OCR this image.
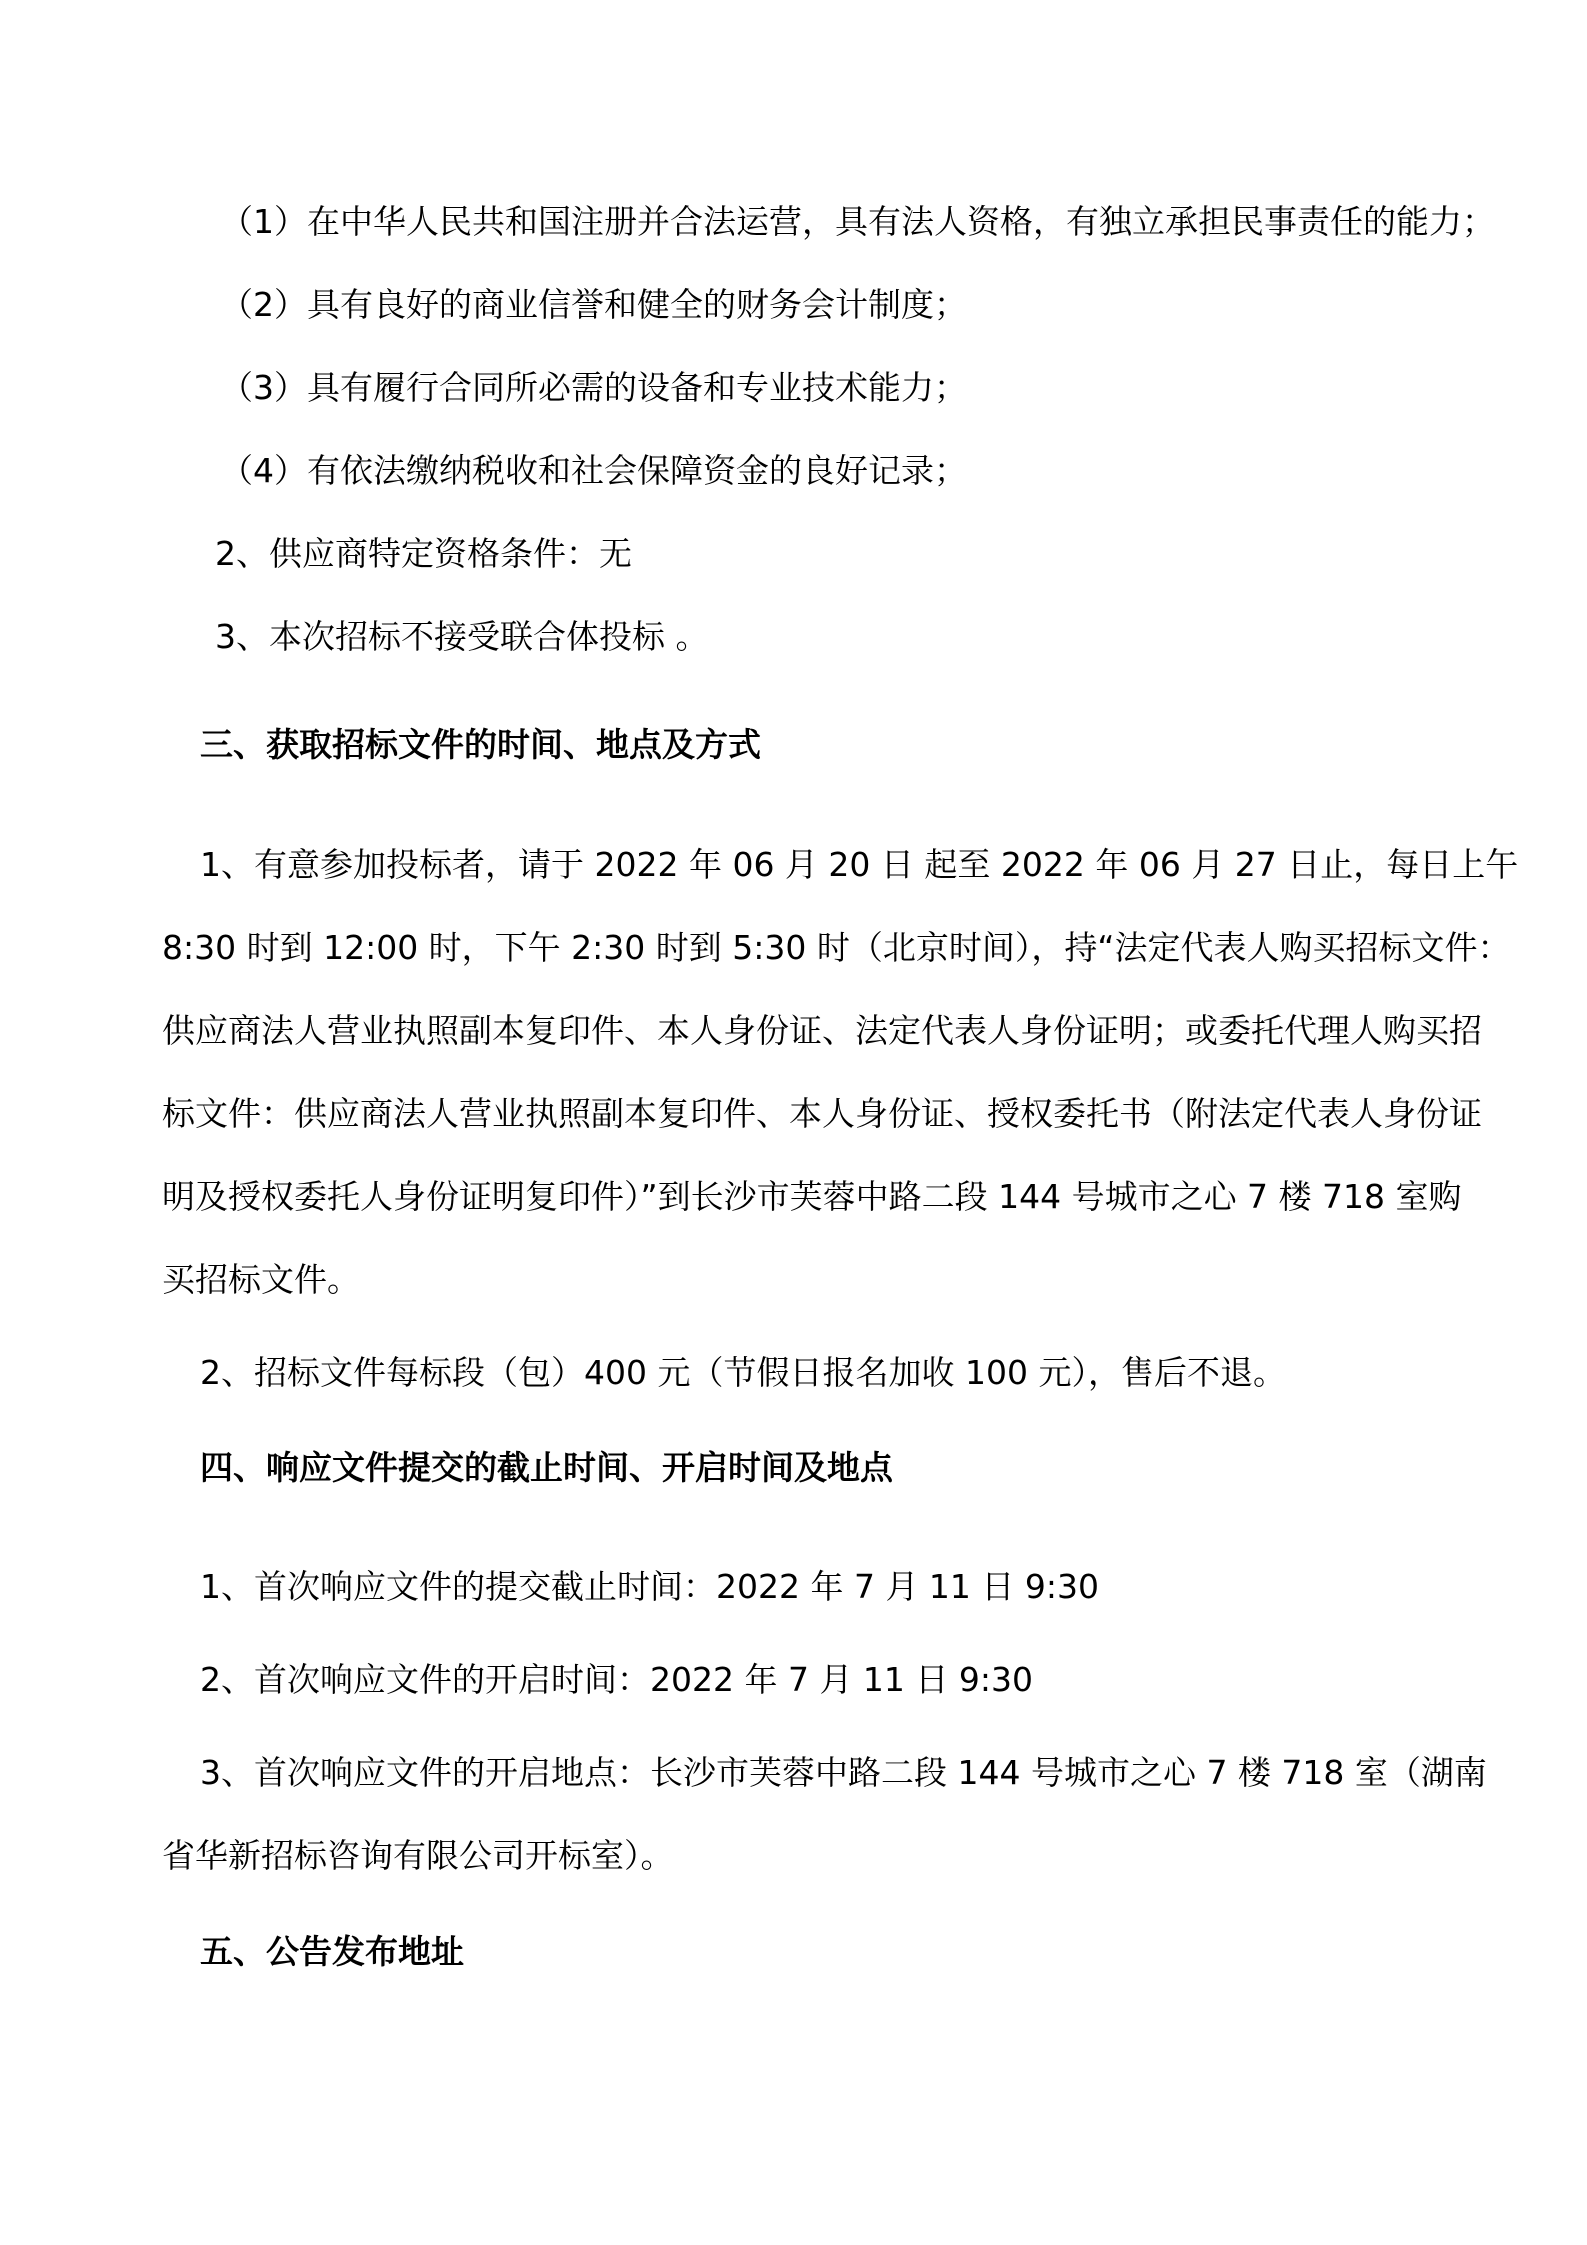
（1）在中华人民共和国注册并合法运营，具有法人资格，有独立承担民事责任的能力；
（2）具有良好的商业信誉和健全的财务会计制度；
（3）具有履行合同所必需的设备和专业技术能力；
（4）有依法缴纳税收和社会保障资金的良好记录；
2、供应商特定资格条件：无
3、本次招标不接受联合体投标 。
三、获取招标文件的时间、地点及方式
1、有意参加投标者，请于 2022 年 06 月 20 日 起至 2022 年 06 月 27 日止，每日上午
8:30 时到 12:00 时，下午 2:30 时到 5:30 时（北京时间），持“法定代表人购买招标文件：
供应商法人营业执照副本复印件、本人身份证、法定代表人身份证明；或委托代理人购买招
标文件：供应商法人营业执照副本复印件、本人身份证、授权委托书（附法定代表人身份证
明及授权委托人身份证明复印件）”到长沙市芙蓉中路二段 144 号城市之心 7 楼 718 室购
买招标文件。
2、招标文件每标段（包）400 元（节假日报名加收 100 元），售后不退。
四、响应文件提交的截止时间、开启时间及地点
1、首次响应文件的提交截止时间：2022 年 7 月 11 日 9:30
2、首次响应文件的开启时间：2022 年 7 月 11 日 9:30
3、首次响应文件的开启地点：长沙市芙蓉中路二段 144 号城市之心 7 楼 718 室（湖南
省华新招标咨询有限公司开标室）。
五、公告发布地址
